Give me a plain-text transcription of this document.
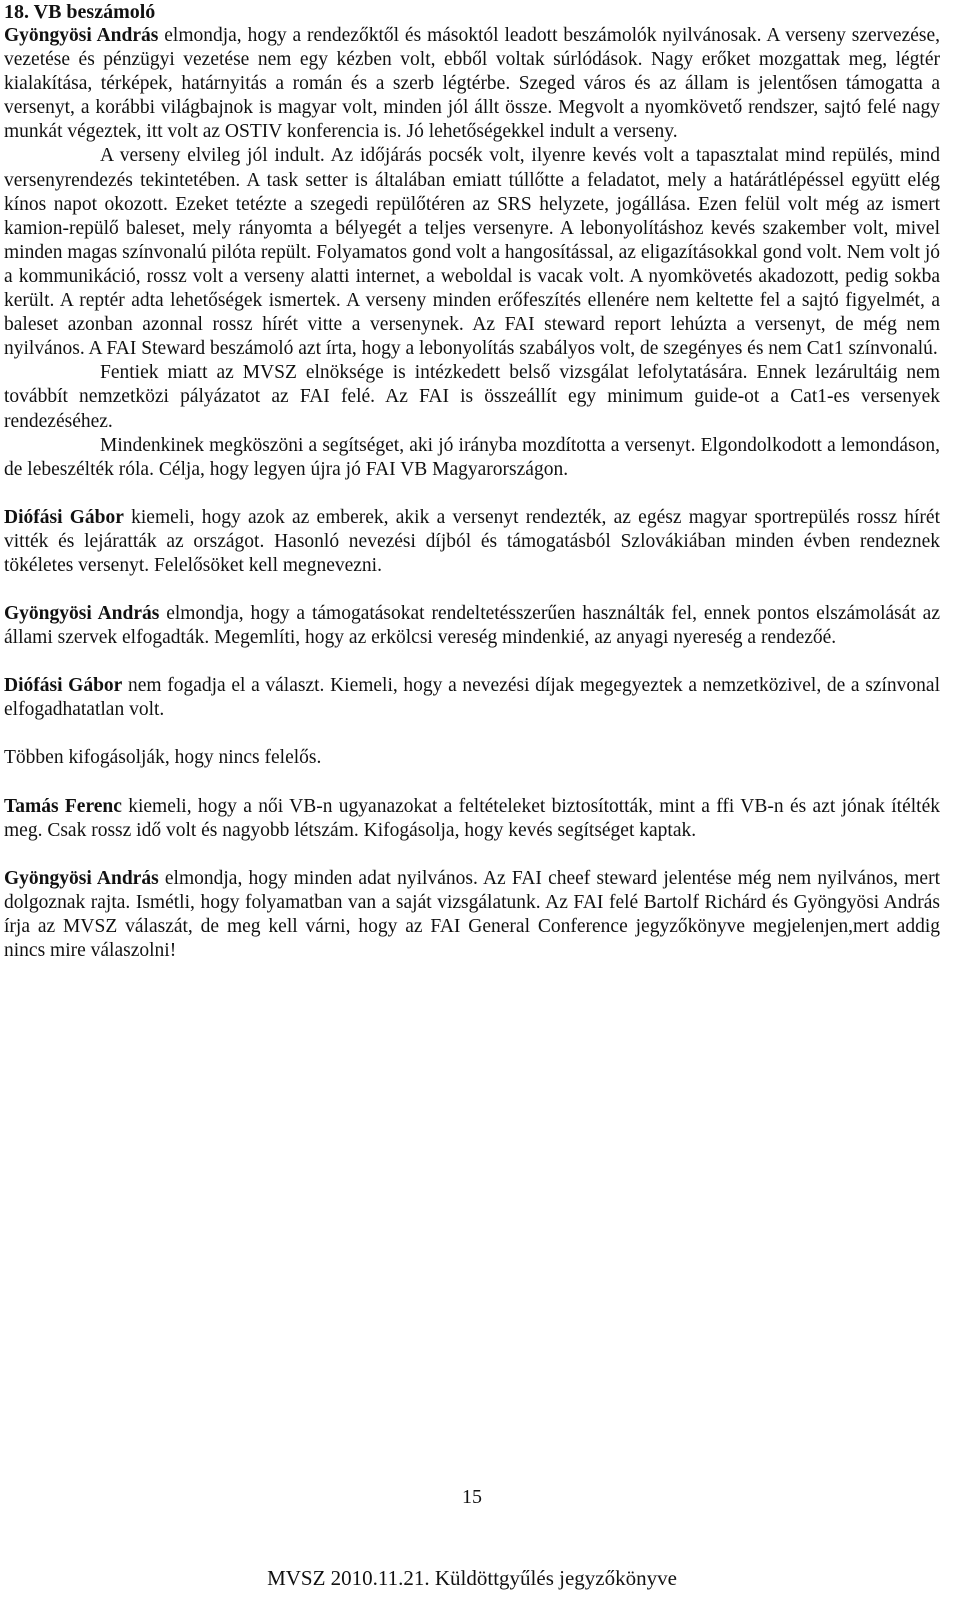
18. VB beszámoló

Gyöngyösi András elmondja, hogy a rendezőktől és másoktól leadott beszámolók nyilvánosak. A verseny szervezése, vezetése és pénzügyi vezetése nem egy kézben volt, ebből voltak súrlódások. Nagy erőket mozgattak meg, légtér kialakítása, térképek, határnyitás a román és a szerb légtérbe. Szeged város és az állam is jelentősen támogatta a versenyt, a korábbi világbajnok is magyar volt, minden jól állt össze. Megvolt a nyomkövető rendszer, sajtó felé nagy munkát végeztek, itt volt az OSTIV konferencia is. Jó lehetőségekkel indult a verseny.

A verseny elvileg jól indult. Az időjárás pocsék volt, ilyenre kevés volt a tapasztalat mind repülés, mind versenyrendezés tekintetében. A task setter is általában emiatt túllőtte a feladatot, mely a határátlépéssel együtt elég kínos napot okozott. Ezeket tetézte a szegedi repülőtéren az SRS helyzete, jogállása. Ezen felül volt még az ismert kamion-repülő baleset, mely rányomta a bélyegét a teljes versenyre. A lebonyolításhoz kevés szakember volt, mivel minden magas színvonalú pilóta repült. Folyamatos gond volt a hangosítással, az eligazításokkal gond volt. Nem volt jó a kommunikáció, rossz volt a verseny alatti internet, a weboldal is vacak volt. A nyomkövetés akadozott, pedig sokba került. A reptér adta lehetőségek ismertek. A verseny minden erőfeszítés ellenére nem keltette fel a sajtó figyelmét, a baleset azonban azonnal rossz hírét vitte a versenynek. Az FAI steward report lehúzta a versenyt, de még nem nyilvános. A FAI Steward beszámoló azt írta, hogy a lebonyolítás szabályos volt, de szegényes és nem Cat1 színvonalú.

Fentiek miatt az MVSZ elnöksége is intézkedett belső vizsgálat lefolytatására. Ennek lezárultáig nem továbbít nemzetközi pályázatot az FAI felé. Az FAI is összeállít egy minimum guide-ot a Cat1-es versenyek rendezéséhez.

Mindenkinek megköszöni a segítséget, aki jó irányba mozdította a versenyt. Elgondolkodott a lemondáson, de lebeszélték róla. Célja, hogy legyen újra jó FAI VB Magyarországon.

Diófási Gábor kiemeli, hogy azok az emberek, akik a versenyt rendezték, az egész magyar sportrepülés rossz hírét vitték és lejáratták az országot. Hasonló nevezési díjból és támogatásból Szlovákiában minden évben rendeznek tökéletes versenyt. Felelősöket kell megnevezni.

Gyöngyösi András elmondja, hogy a támogatásokat rendeltetésszerűen használták fel, ennek pontos elszámolását az állami szervek elfogadták. Megemlíti, hogy az erkölcsi vereség mindenkié, az anyagi nyereség a rendezőé.

Diófási Gábor nem fogadja el a választ. Kiemeli, hogy a nevezési díjak megegyeztek a nemzetközivel, de a színvonal elfogadhatatlan volt.

Többen kifogásolják, hogy nincs felelős.

Tamás Ferenc kiemeli, hogy a női VB-n ugyanazokat a feltételeket biztosították, mint a ffi VB-n és azt jónak ítélték meg. Csak rossz idő volt és nagyobb létszám. Kifogásolja, hogy kevés segítséget kaptak.

Gyöngyösi András elmondja, hogy minden adat nyilvános. Az FAI cheef steward jelentése még nem nyilvános, mert dolgoznak rajta. Ismétli, hogy folyamatban van a saját vizsgálatunk. Az FAI felé Bartolf Richárd és Gyöngyösi András írja az MVSZ válaszát, de meg kell várni, hogy az FAI General Conference jegyzőkönyve megjelenjen,mert addig nincs mire válaszolni!

15
MVSZ 2010.11.21. Küldöttgyűlés jegyzőkönyve
